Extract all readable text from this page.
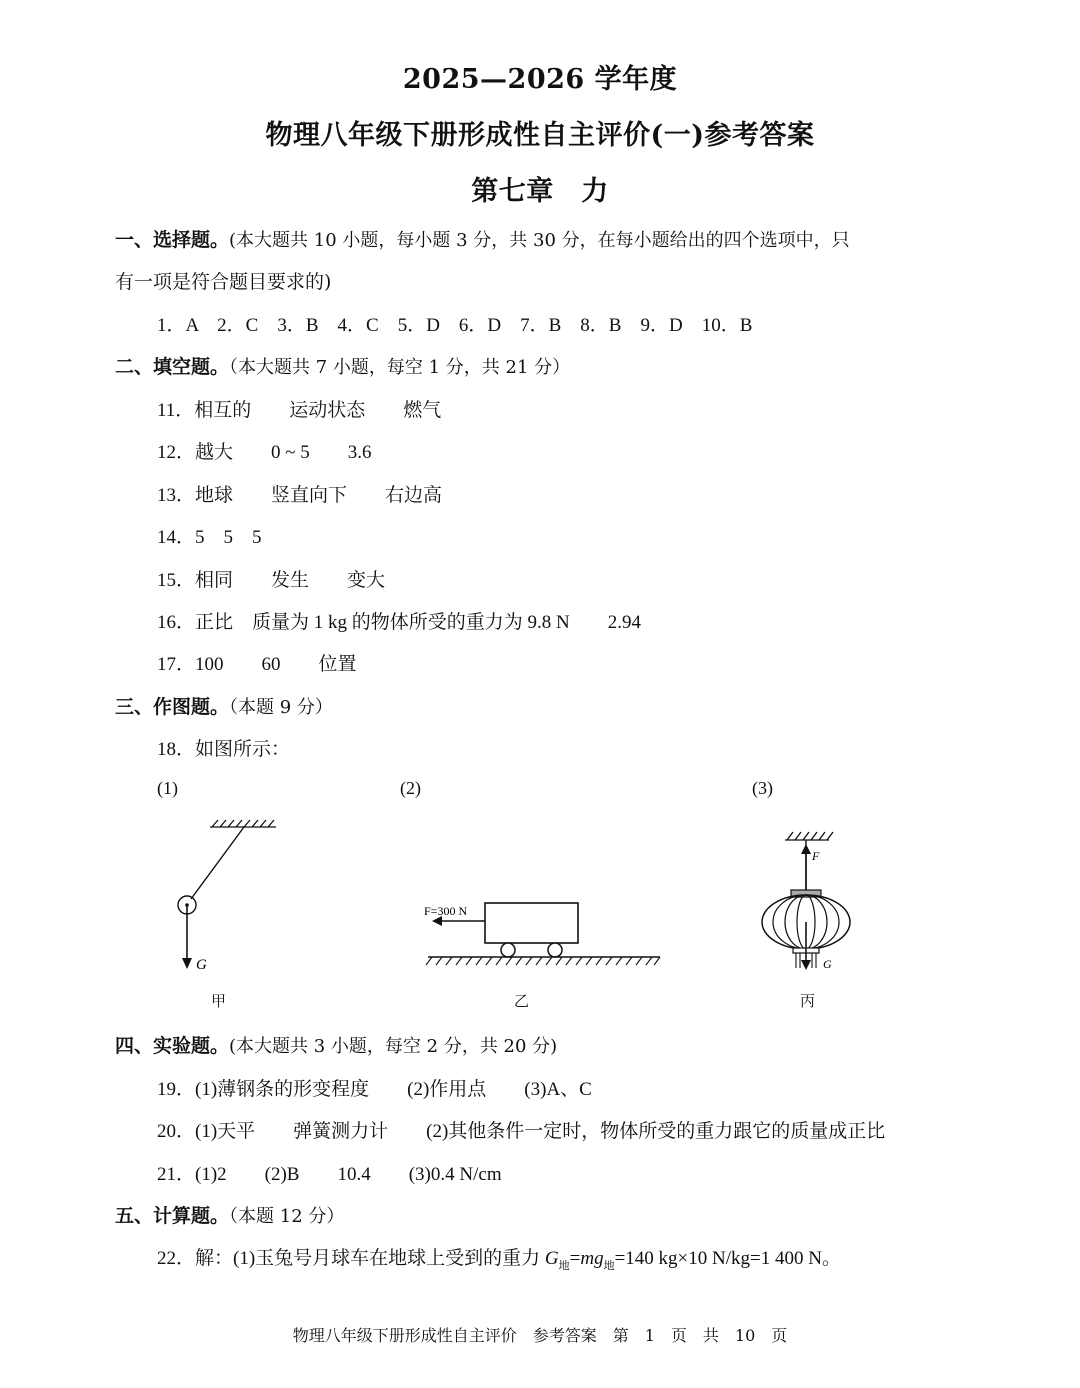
2025—2026 学年度
物理八年级下册形成性自主评价(一)参考答案
第七章　力
一、选择题。(本大题共 10 小题，每小题 3 分，共 30 分，在每小题给出的四个选项中，只
有一项是符合题目要求的)
1．A　2．C　3．B　4．C　5．D　6．D　7．B　8．B　9．D　10．B
二、填空题。（本大题共 7 小题，每空 1 分，共 21 分）
11．相互的　　运动状态　　燃气
12．越大　　0 ~ 5　　3.6
13．地球　　竖直向下　　右边高
14．5　5　5
15．相同　　发生　　变大
16．正比　质量为 1 kg 的物体所受的重力为 9.8 N　　2.94
17．100　　60　　位置
三、作图题。（本题 9 分）
18．如图所示：
(1)	(2)	(3)
G
甲
F=300 N
乙
F
G
丙
四、实验题。(本大题共 3 小题，每空 2 分，共 20 分)
19．(1)薄钢条的形变程度　　(2)作用点　　(3)A、C
20．(1)天平　　弹簧测力计　　(2)其他条件一定时，物体所受的重力跟它的质量成正比
21．(1)2　　(2)B　　10.4　　(3)0.4 N/cm
五、计算题。（本题 12 分）
22．解：(1)玉兔号月球车在地球上受到的重力 $G_地=mg_地=140$ kg×10 N/kg=1 400 N。
物理八年级下册形成性自主评价　参考答案　第　1　页　共　10　页
